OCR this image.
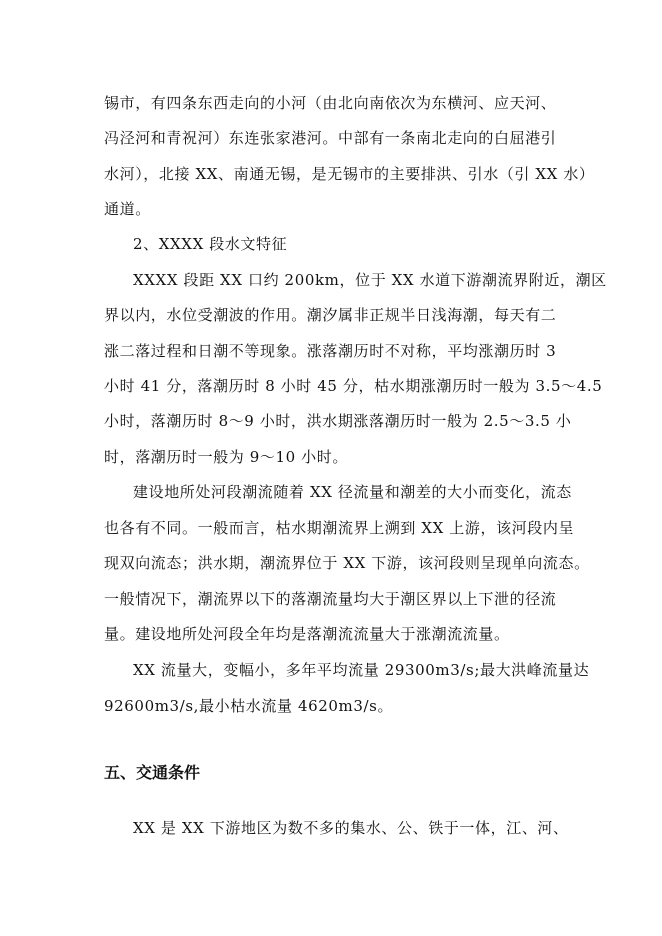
锡市，有四条东西走向的小河（由北向南依次为东横河、应天河、
冯泾河和青祝河）东连张家港河。中部有一条南北走向的白屈港引
水河），北接 XX、南通无锡，是无锡市的主要排洪、引水（引 XX 水）
通道。
2、XXXX 段水文特征
XXXX 段距 XX 口约 200km，位于 XX 水道下游潮流界附近，潮区
界以内，水位受潮波的作用。潮汐属非正规半日浅海潮，每天有二
涨二落过程和日潮不等现象。涨落潮历时不对称，平均涨潮历时 3
小时 41 分，落潮历时 8 小时 45 分，枯水期涨潮历时一般为 3.5～4.5
小时，落潮历时 8～9 小时，洪水期涨落潮历时一般为 2.5～3.5 小
时，落潮历时一般为 9～10 小时。
建设地所处河段潮流随着 XX 径流量和潮差的大小而变化，流态
也各有不同。一般而言，枯水期潮流界上溯到 XX 上游，该河段内呈
现双向流态；洪水期，潮流界位于 XX 下游，该河段则呈现单向流态。
一般情况下，潮流界以下的落潮流量均大于潮区界以上下泄的径流
量。建设地所处河段全年均是落潮流流量大于涨潮流流量。
XX 流量大，变幅小，多年平均流量 29300m3/s;最大洪峰流量达
92600m3/s,最小枯水流量 4620m3/s。
五、交通条件
XX 是 XX 下游地区为数不多的集水、公、铁于一体，江、河、
